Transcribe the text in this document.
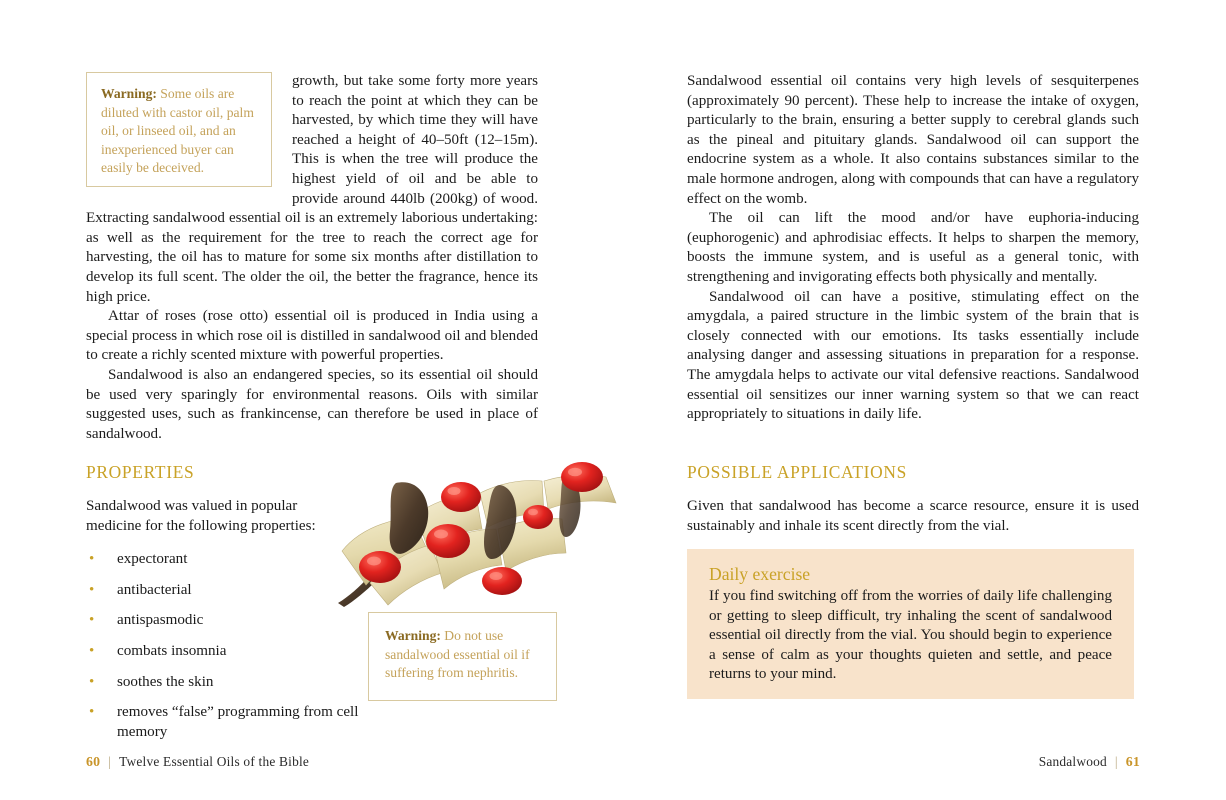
Warning: Some oils are diluted with castor oil, palm oil, or linseed oil, and an inexperienced buyer can easily be deceived.

growth, but take some forty more years to reach the point at which they can be harvested, by which time they will have reached a height of 40–50ft (12–15m). This is when the tree will produce the highest yield of oil and be able to provide around 440lb (200kg) of wood. Extracting sandalwood essential oil is an extremely laborious undertaking: as well as the requirement for the tree to reach the correct age for harvesting, the oil has to mature for some six months after distillation to develop its full scent. The older the oil, the better the fragrance, hence its high price.

Attar of roses (rose otto) essential oil is produced in India using a special process in which rose oil is distilled in sandalwood oil and blended to create a richly scented mixture with powerful properties.

Sandalwood is also an endangered species, so its essential oil should be used very sparingly for environmental reasons. Oils with similar suggested uses, such as frankincense, can therefore be used in place of sandalwood.

PROPERTIES

Sandalwood was valued in popular medicine for the following properties:

• expectorant
• antibacterial
• antispasmodic
• combats insomnia
• soothes the skin
• removes “false” programming from cell memory
Warning: Do not use sandalwood essential oil if suffering from nephritis.

Sandalwood essential oil contains very high levels of sesquiterpenes (approximately 90 percent). These help to increase the intake of oxygen, particularly to the brain, ensuring a better supply to cerebral glands such as the pineal and pituitary glands. Sandalwood oil can support the endocrine system as a whole. It also contains substances similar to the male hormone androgen, along with compounds that can have a regulatory effect on the womb.

The oil can lift the mood and/or have euphoria-inducing (euphorogenic) and aphrodisiac effects. It helps to sharpen the memory, boosts the immune system, and is useful as a general tonic, with strengthening and invigorating effects both physically and mentally.

Sandalwood oil can have a positive, stimulating effect on the amygdala, a paired structure in the limbic system of the brain that is closely connected with our emotions. Its tasks essentially include analysing danger and assessing situations in preparation for a response. The amygdala helps to activate our vital defensive reactions. Sandalwood essential oil sensitizes our inner warning system so that we can react appropriately to situations in daily life.

POSSIBLE APPLICATIONS

Given that sandalwood has become a scarce resource, ensure it is used sustainably and inhale its scent directly from the vial.

Daily exercise

If you find switching off from the worries of daily life challenging or getting to sleep difficult, try inhaling the scent of sandalwood essential oil directly from the vial. You should begin to experience a sense of calm as your thoughts quieten and settle, and peace returns to your mind.

60 | Twelve Essential Oils of the Bible	Sandalwood | 61
